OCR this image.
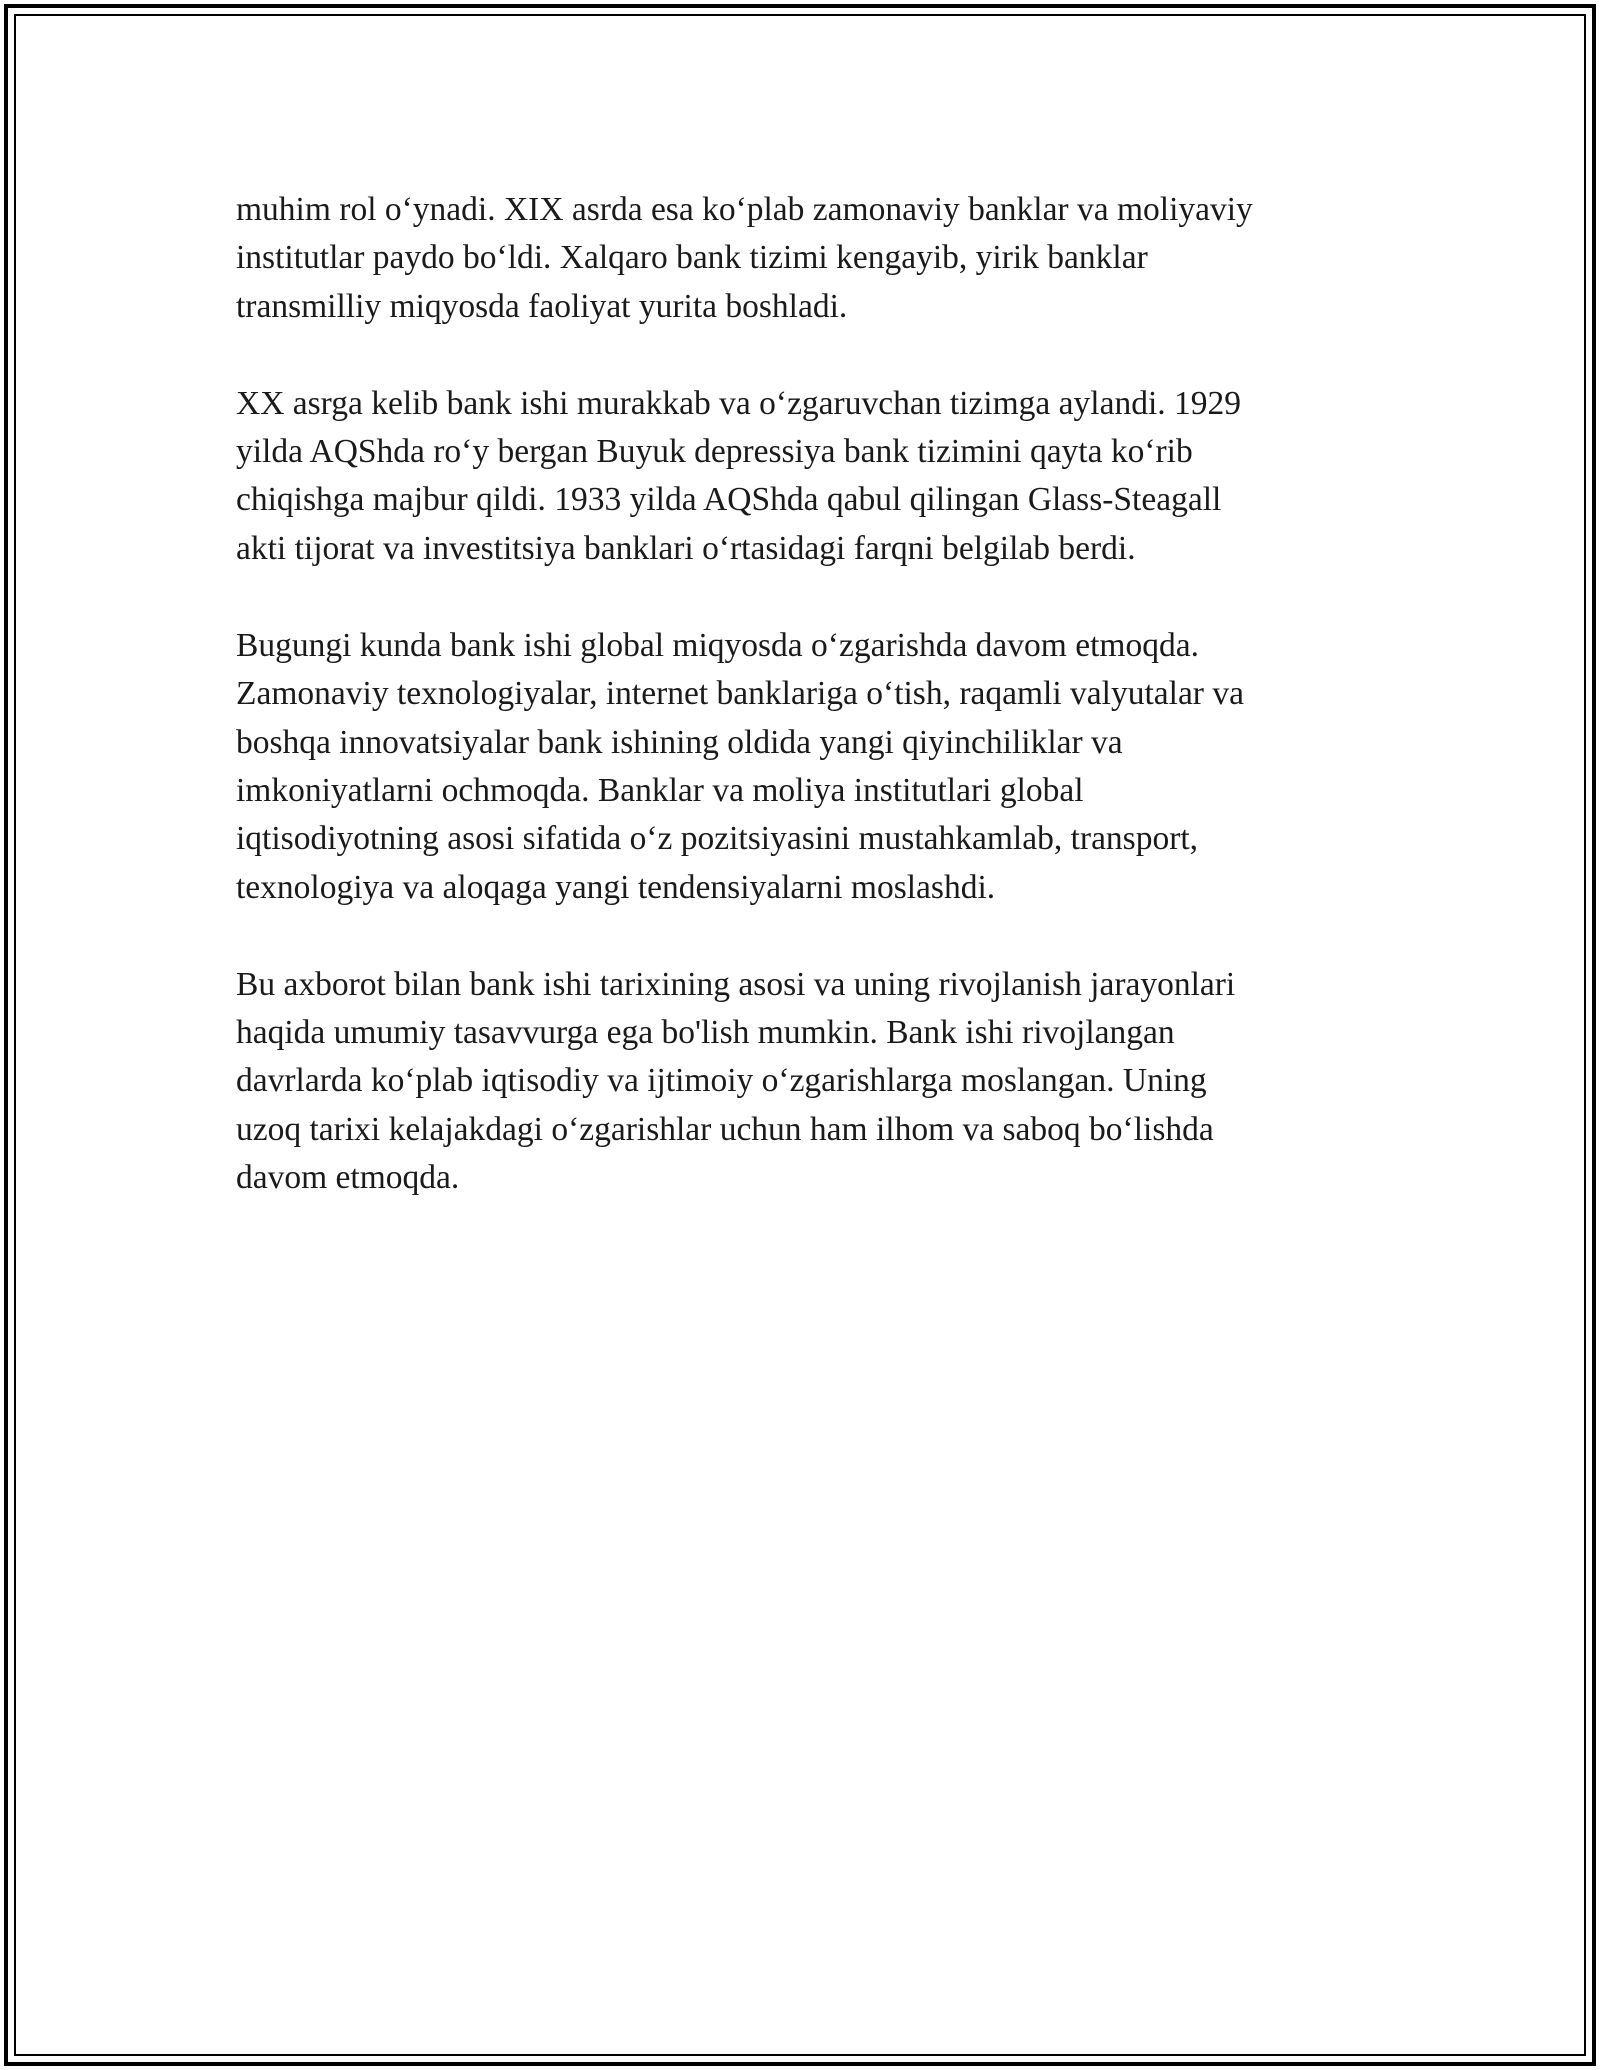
muhim rol o‘ynadi. XIX asrda esa ko‘plab zamonaviy banklar va moliyaviy
institutlar paydo bo‘ldi. Xalqaro bank tizimi kengayib, yirik banklar
transmilliy miqyosda faoliyat yurita boshladi.

XX asrga kelib bank ishi murakkab va o‘zgaruvchan tizimga aylandi. 1929
yilda AQShda ro‘y bergan Buyuk depressiya bank tizimini qayta ko‘rib
chiqishga majbur qildi. 1933 yilda AQShda qabul qilingan Glass-Steagall
akti tijorat va investitsiya banklari o‘rtasidagi farqni belgilab berdi.

Bugungi kunda bank ishi global miqyosda o‘zgarishda davom etmoqda.
Zamonaviy texnologiyalar, internet banklariga o‘tish, raqamli valyutalar va
boshqa innovatsiyalar bank ishining oldida yangi qiyinchiliklar va
imkoniyatlarni ochmoqda. Banklar va moliya institutlari global
iqtisodiyotning asosi sifatida o‘z pozitsiyasini mustahkamlab, transport,
texnologiya va aloqaga yangi tendensiyalarni moslashdi.

Bu axborot bilan bank ishi tarixining asosi va uning rivojlanish jarayonlari
haqida umumiy tasavvurga ega bo'lish mumkin. Bank ishi rivojlangan
davrlarda ko‘plab iqtisodiy va ijtimoiy o‘zgarishlarga moslangan. Uning
uzoq tarixi kelajakdagi o‘zgarishlar uchun ham ilhom va saboq bo‘lishda
davom etmoqda.
